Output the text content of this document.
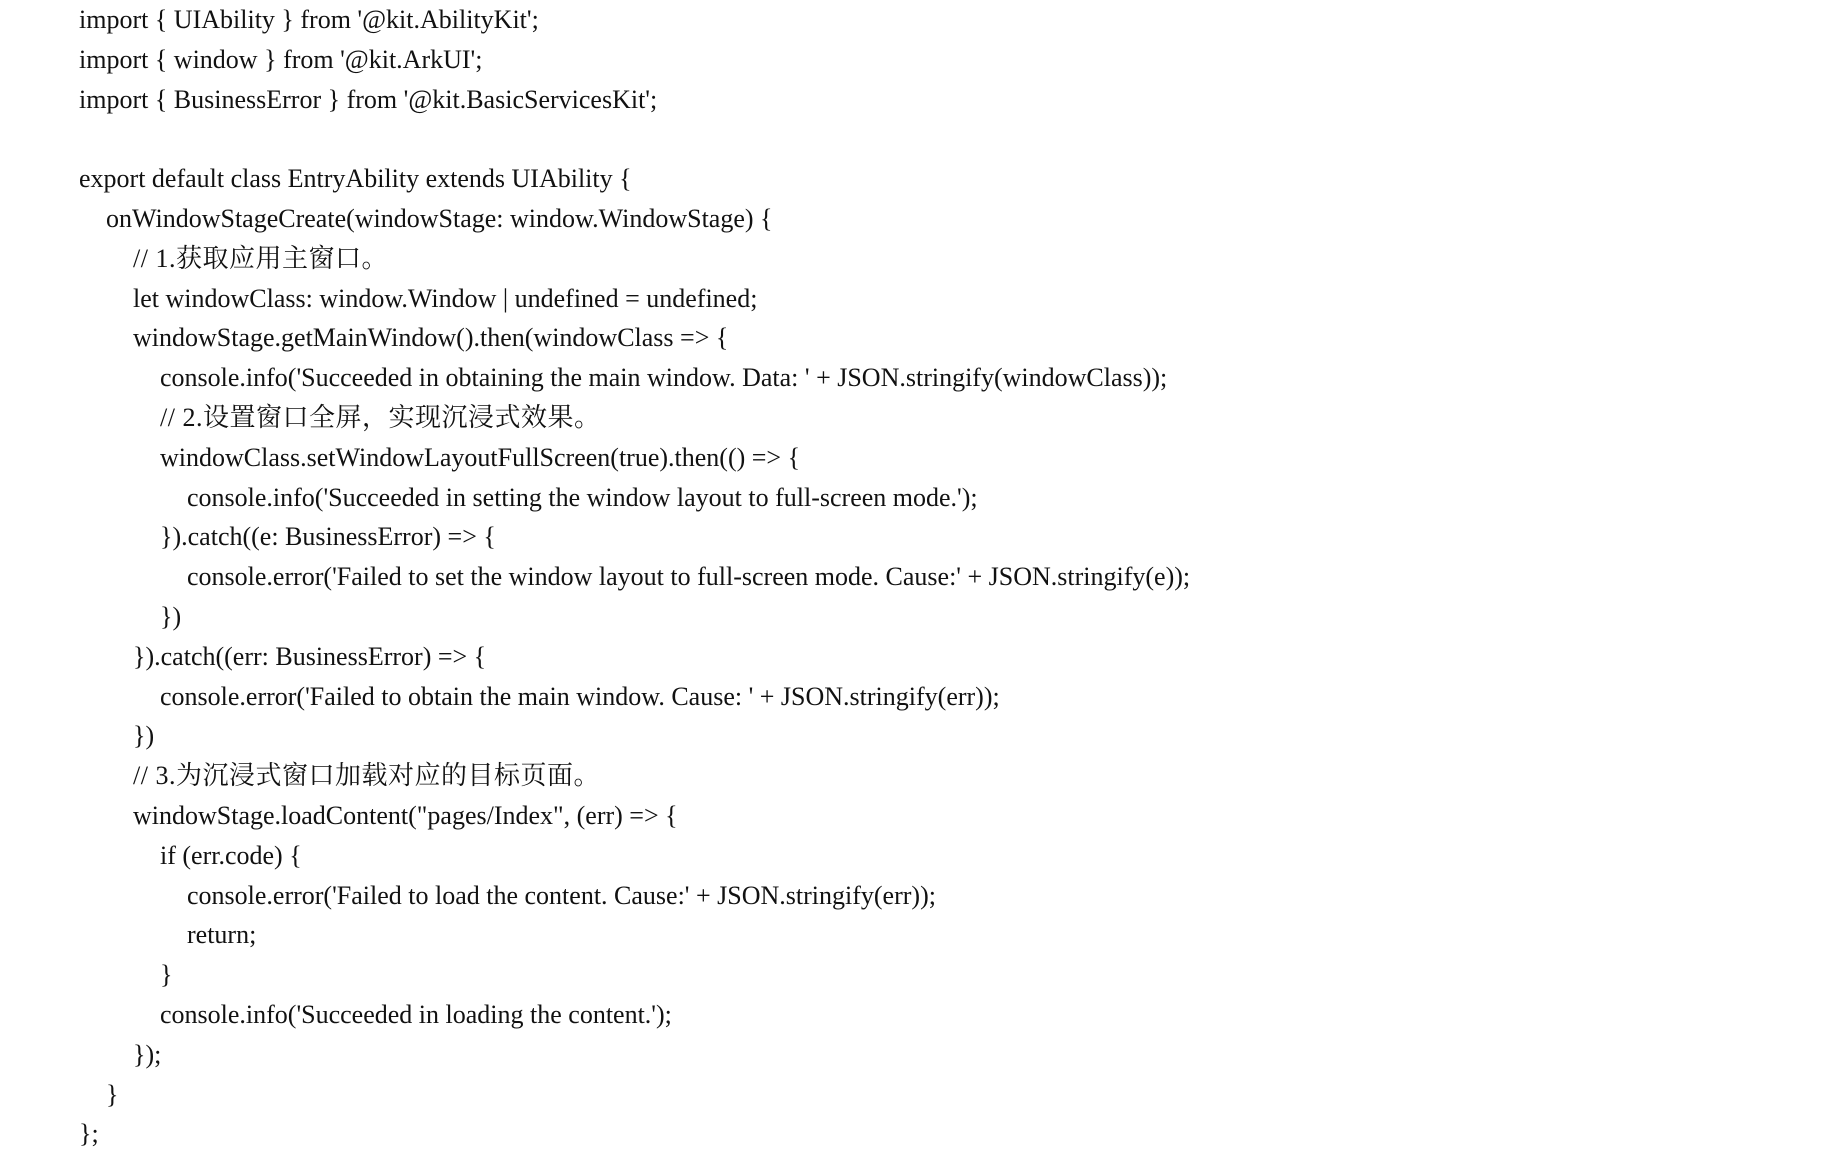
import { UIAbility } from '@kit.AbilityKit';
import { window } from '@kit.ArkUI';
import { BusinessError } from '@kit.BasicServicesKit';
export default class EntryAbility extends UIAbility {
onWindowStageCreate(windowStage: window.WindowStage) {
// 1.获取应用主窗口。
let windowClass: window.Window | undefined = undefined;
windowStage.getMainWindow().then(windowClass => {
console.info('Succeeded in obtaining the main window. Data: ' + JSON.stringify(windowClass));
// 2.设置窗口全屏，实现沉浸式效果。
windowClass.setWindowLayoutFullScreen(true).then(() => {
console.info('Succeeded in setting the window layout to full-screen mode.');
}).catch((e: BusinessError) => {
console.error('Failed to set the window layout to full-screen mode. Cause:' + JSON.stringify(e));
})
}).catch((err: BusinessError) => {
console.error('Failed to obtain the main window. Cause: ' + JSON.stringify(err));
})
// 3.为沉浸式窗口加载对应的目标页面。
windowStage.loadContent("pages/Index", (err) => {
if (err.code) {
console.error('Failed to load the content. Cause:' + JSON.stringify(err));
return;
}
console.info('Succeeded in loading the content.');
});
}
};
